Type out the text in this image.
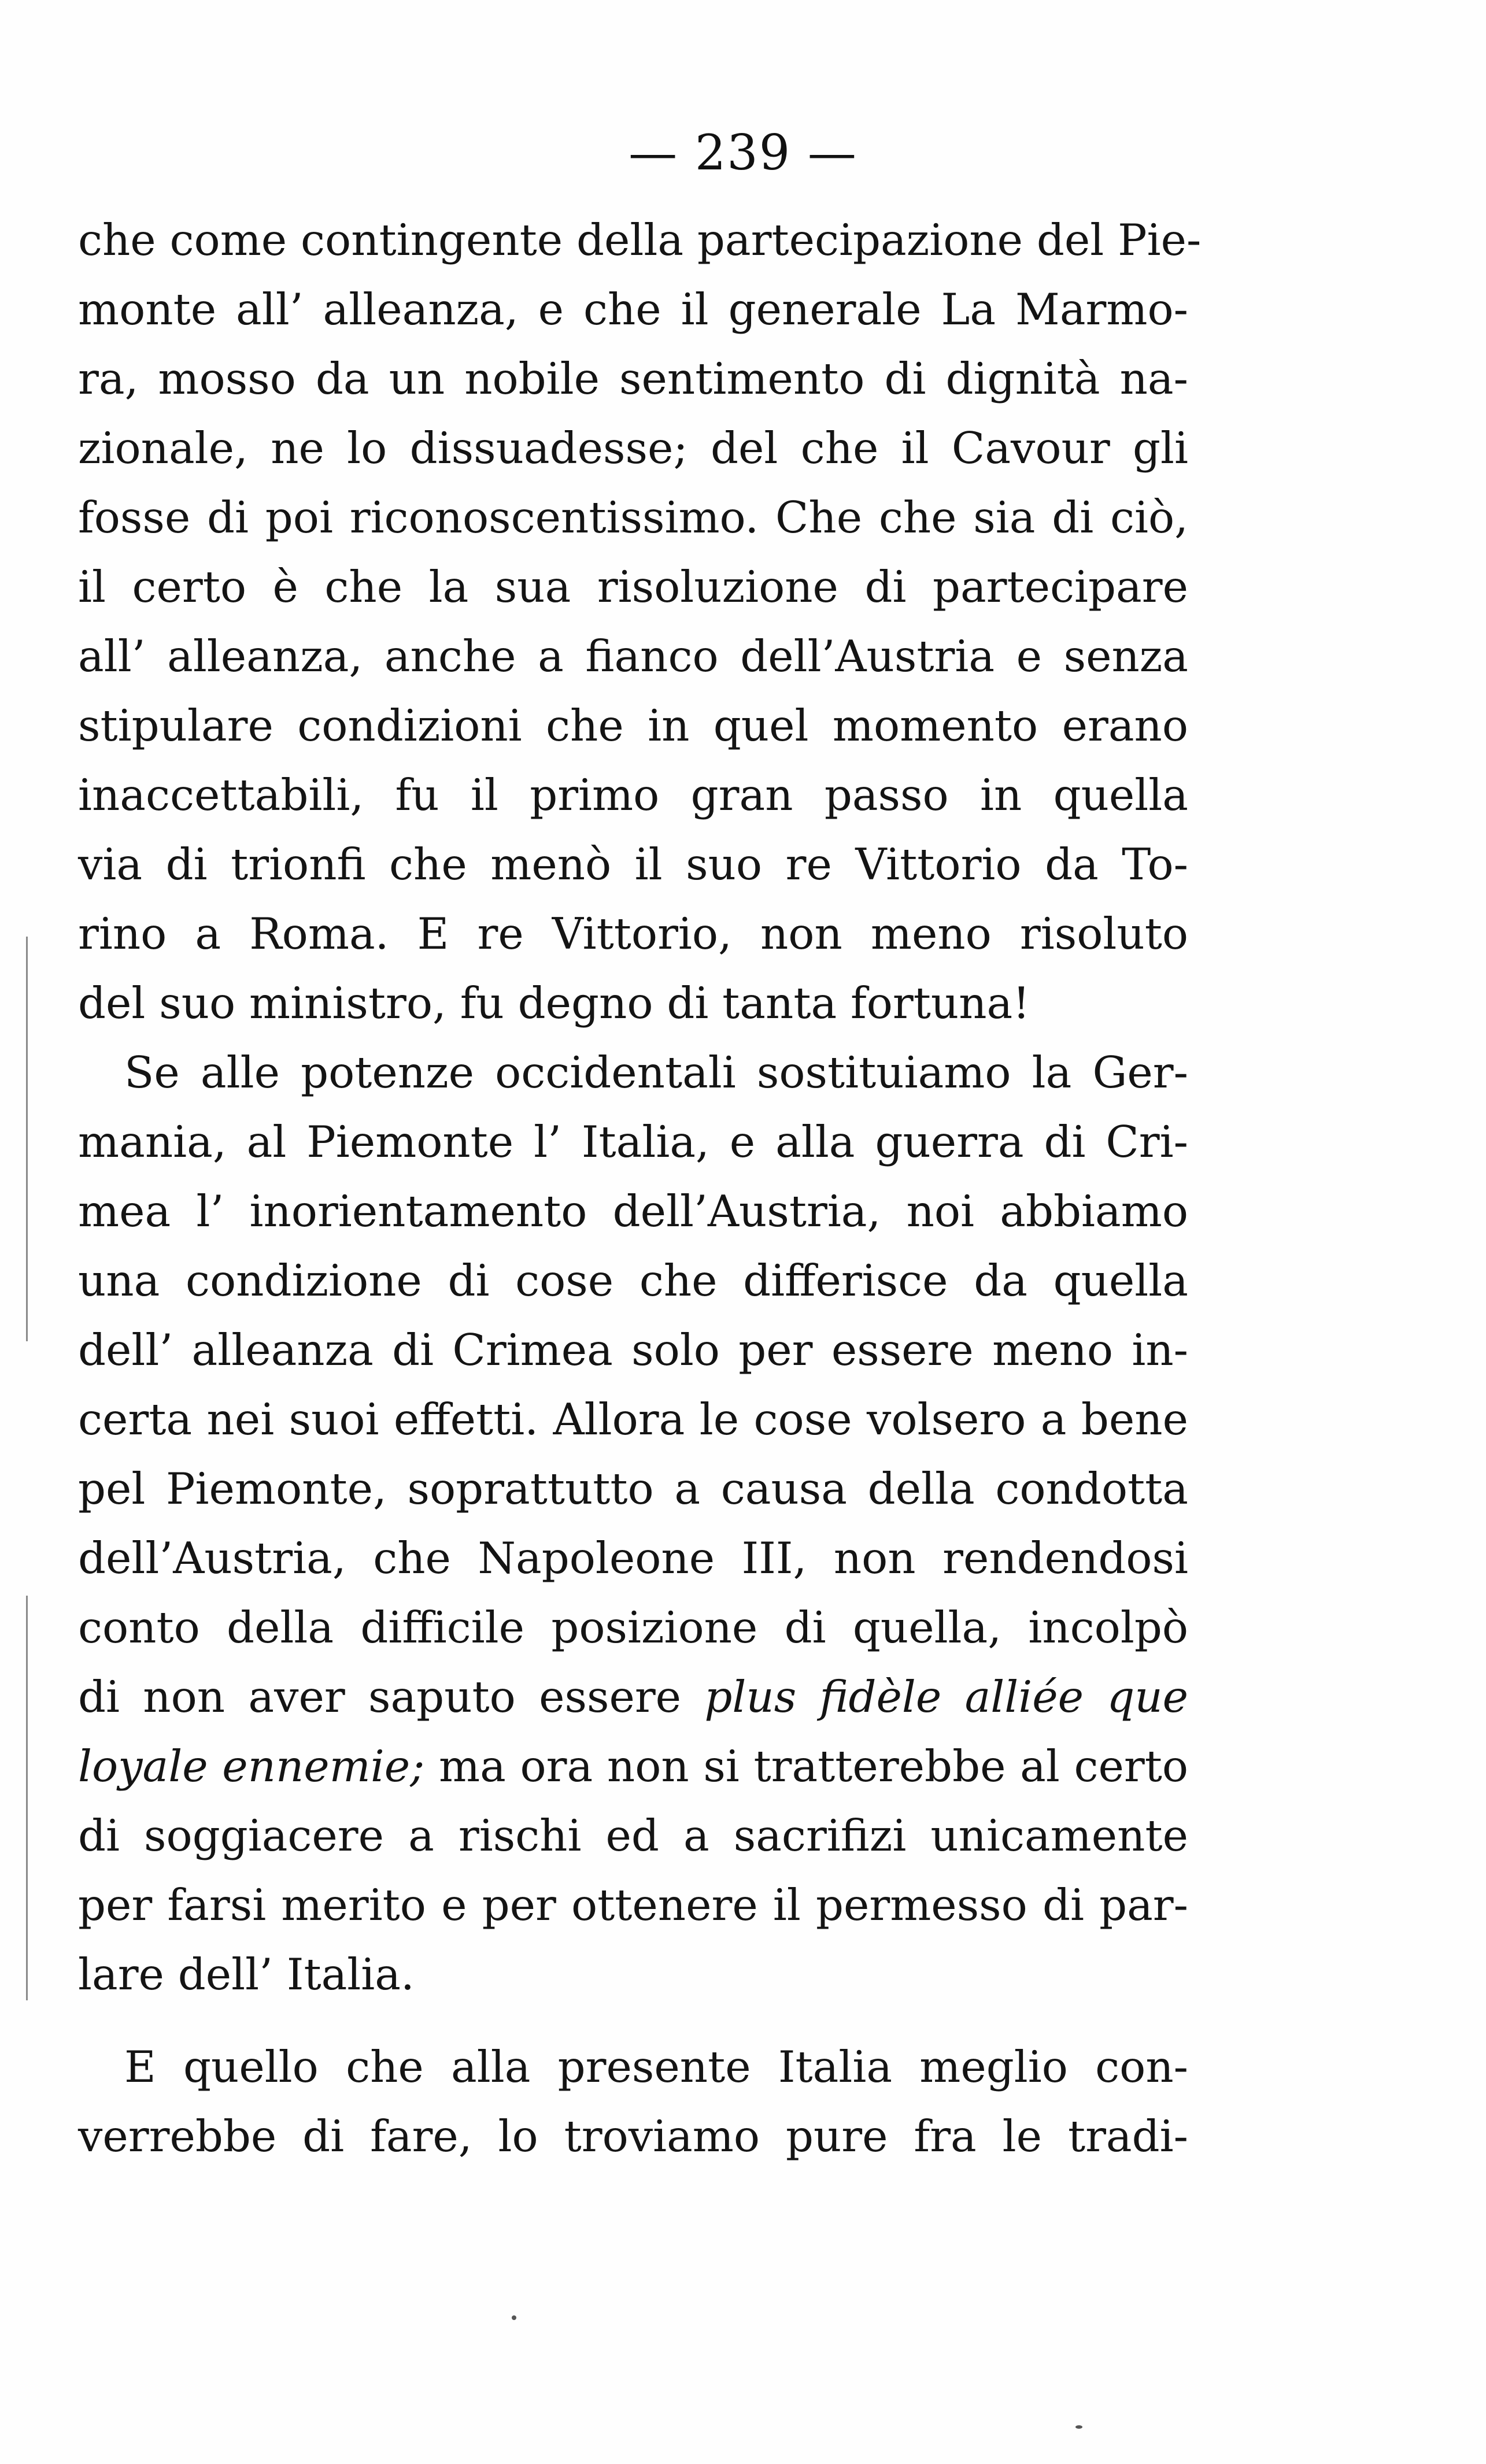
— 239 —
che come contingente della partecipazione del Pie-
monte all’ alleanza, e che il generale La Marmo-
ra, mosso da un nobile sentimento di dignità na-
zionale, ne lo dissuadesse; del che il Cavour gli
fosse di poi riconoscentissimo. Che che sia di ciò,
il certo è che la sua risoluzione di partecipare
all’ alleanza, anche a fianco dell’Austria e senza
stipulare condizioni che in quel momento erano
inaccettabili, fu il primo gran passo in quella
via di trionfi che menò il suo re Vittorio da To-
rino a Roma. E re Vittorio, non meno risoluto
del suo ministro, fu degno di tanta fortuna!
Se alle potenze occidentali sostituiamo la Ger-
mania, al Piemonte l’ Italia, e alla guerra di Cri-
mea l’ inorientamento dell’Austria, noi abbiamo
una condizione di cose che differisce da quella
dell’ alleanza di Crimea solo per essere meno in-
certa nei suoi effetti. Allora le cose volsero a bene
pel Piemonte, soprattutto a causa della condotta
dell’Austria, che Napoleone III, non rendendosi
conto della difficile posizione di quella, incolpò
di non aver saputo essere plus fidèle alliée que
loyale ennemie; ma ora non si tratterebbe al certo
di soggiacere a rischi ed a sacrifizi unicamente
per farsi merito e per ottenere il permesso di par-
lare dell’ Italia.
E quello che alla presente Italia meglio con-
verrebbe di fare, lo troviamo pure fra le tradi-
